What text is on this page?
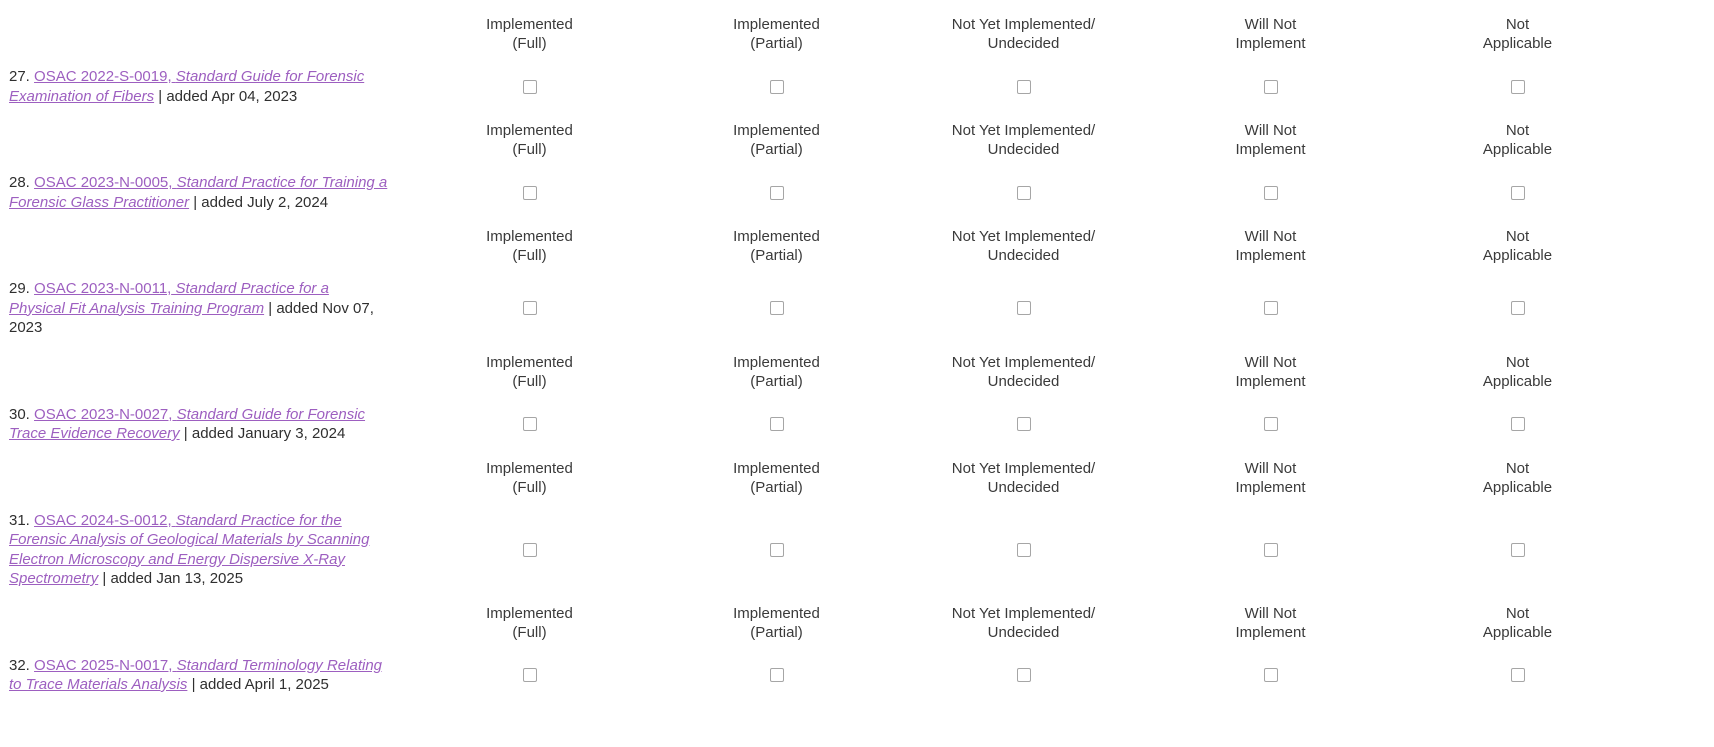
Implemented
(Full)
Implemented
(Partial)
Not Yet Implemented/
Undecided
Will Not
Implement
Not
Applicable
27. OSAC 2022-S-0019, Standard Guide for Forensic Examination of Fibers | added Apr 04, 2023
Implemented
(Full)
Implemented
(Partial)
Not Yet Implemented/
Undecided
Will Not
Implement
Not
Applicable
28. OSAC 2023-N-0005, Standard Practice for Training a Forensic Glass Practitioner | added July 2, 2024
Implemented
(Full)
Implemented
(Partial)
Not Yet Implemented/
Undecided
Will Not
Implement
Not
Applicable
29. OSAC 2023-N-0011, Standard Practice for a Physical Fit Analysis Training Program | added Nov 07, 2023
Implemented
(Full)
Implemented
(Partial)
Not Yet Implemented/
Undecided
Will Not
Implement
Not
Applicable
30. OSAC 2023-N-0027, Standard Guide for Forensic Trace Evidence Recovery | added January 3, 2024
Implemented
(Full)
Implemented
(Partial)
Not Yet Implemented/
Undecided
Will Not
Implement
Not
Applicable
31. OSAC 2024-S-0012, Standard Practice for the Forensic Analysis of Geological Materials by Scanning Electron Microscopy and Energy Dispersive X-Ray Spectrometry | added Jan 13, 2025
Implemented
(Full)
Implemented
(Partial)
Not Yet Implemented/
Undecided
Will Not
Implement
Not
Applicable
32. OSAC 2025-N-0017, Standard Terminology Relating to Trace Materials Analysis | added April 1, 2025
